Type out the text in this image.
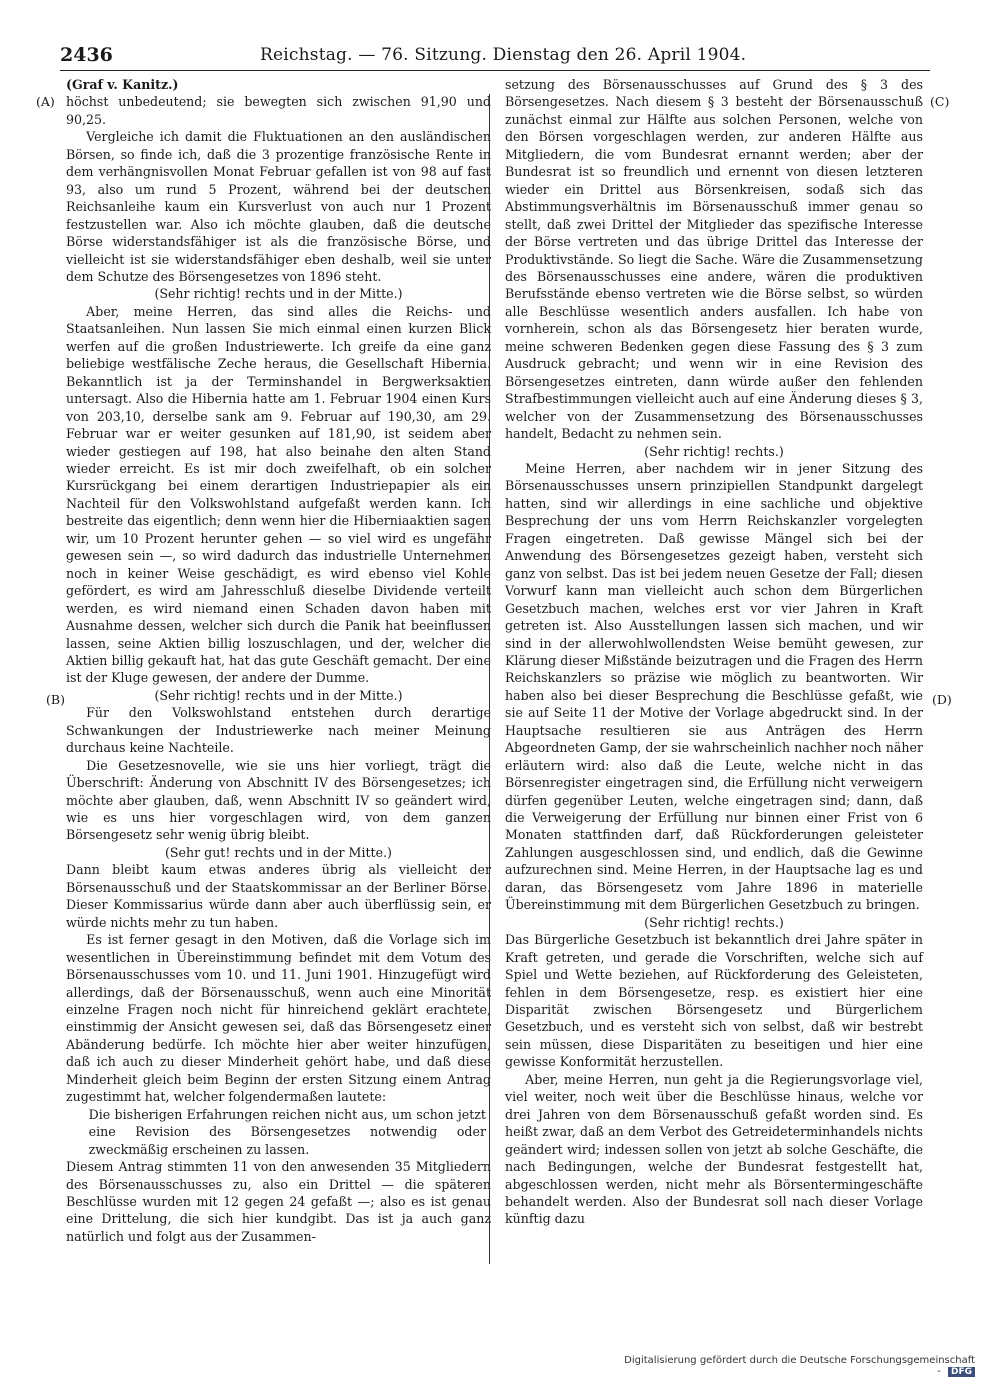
2436	Reichstag. — 76. Sitzung. Dienstag den 26. April 1904.
(A)
(B)
(C)
(D)

(Graf v. Kanitz.)

höchst unbedeutend; sie bewegten sich zwischen 91,90 und 90,25.

Vergleiche ich damit die Fluktuationen an den ausländischen Börsen, so finde ich, daß die 3 prozentige französische Rente in dem verhängnisvollen Monat Februar gefallen ist von 98 auf fast 93, also um rund 5 Prozent, während bei der deutschen Reichsanleihe kaum ein Kursverlust von auch nur 1 Prozent festzustellen war. Also ich möchte glauben, daß die deutsche Börse widerstandsfähiger ist als die französische Börse, und vielleicht ist sie widerstandsfähiger eben deshalb, weil sie unter dem Schutze des Börsengesetzes von 1896 steht.

(Sehr richtig! rechts und in der Mitte.)

Aber, meine Herren, das sind alles die Reichs- und Staatsanleihen. Nun lassen Sie mich einmal einen kurzen Blick werfen auf die großen Industriewerte. Ich greife da eine ganz beliebige westfälische Zeche heraus, die Gesellschaft Hibernia. Bekanntlich ist ja der Terminshandel in Bergwerksaktien untersagt. Also die Hibernia hatte am 1. Februar 1904 einen Kurs von 203,10, derselbe sank am 9. Februar auf 190,30, am 29. Februar war er weiter gesunken auf 181,90, ist seidem aber wieder gestiegen auf 198, hat also beinahe den alten Stand wieder erreicht. Es ist mir doch zweifelhaft, ob ein solcher Kursrückgang bei einem derartigen Industriepapier als ein Nachteil für den Volkswohlstand aufgefaßt werden kann. Ich bestreite das eigentlich; denn wenn hier die Hiberniaaktien sagen wir, um 10 Prozent herunter gehen — so viel wird es ungefähr gewesen sein —, so wird dadurch das industrielle Unternehmen noch in keiner Weise geschädigt, es wird ebenso viel Kohle gefördert, es wird am Jahresschluß dieselbe Dividende verteilt werden, es wird niemand einen Schaden davon haben mit Ausnahme dessen, welcher sich durch die Panik hat beeinflussen lassen, seine Aktien billig loszuschlagen, und der, welcher die Aktien billig gekauft hat, hat das gute Geschäft gemacht. Der eine ist der Kluge gewesen, der andere der Dumme.

(Sehr richtig! rechts und in der Mitte.)

Für den Volkswohlstand entstehen durch derartige Schwankungen der Industriewerke nach meiner Meinung durchaus keine Nachteile.

Die Gesetzesnovelle, wie sie uns hier vorliegt, trägt die Überschrift: Änderung von Abschnitt IV des Börsengesetzes; ich möchte aber glauben, daß, wenn Abschnitt IV so geändert wird, wie es uns hier vorgeschlagen wird, von dem ganzen Börsengesetz sehr wenig übrig bleibt.

(Sehr gut! rechts und in der Mitte.)

Dann bleibt kaum etwas anderes übrig als vielleicht der Börsenausschuß und der Staatskommissar an der Berliner Börse. Dieser Kommissarius würde dann aber auch überflüssig sein, er würde nichts mehr zu tun haben.

Es ist ferner gesagt in den Motiven, daß die Vorlage sich im wesentlichen in Übereinstimmung befindet mit dem Votum des Börsenausschusses vom 10. und 11. Juni 1901. Hinzugefügt wird allerdings, daß der Börsenausschuß, wenn auch eine Minorität einzelne Fragen noch nicht für hinreichend geklärt erachtete, einstimmig der Ansicht gewesen sei, daß das Börsengesetz einer Abänderung bedürfe. Ich möchte hier aber weiter hinzufügen, daß ich auch zu dieser Minderheit gehört habe, und daß diese Minderheit gleich beim Beginn der ersten Sitzung einem Antrag zugestimmt hat, welcher folgendermaßen lautete:

Die bisherigen Erfahrungen reichen nicht aus, um schon jetzt eine Revision des Börsengesetzes notwendig oder zweckmäßig erscheinen zu lassen.

Diesem Antrag stimmten 11 von den anwesenden 35 Mitgliedern des Börsenausschusses zu, also ein Drittel — die späteren Beschlüsse wurden mit 12 gegen 24 gefaßt —; also es ist genau eine Drittelung, die sich hier kundgibt. Das ist ja auch ganz natürlich und folgt aus der Zusammen-

setzung des Börsenausschusses auf Grund des § 3 des Börsengesetzes. Nach diesem § 3 besteht der Börsenausschuß zunächst einmal zur Hälfte aus solchen Personen, welche von den Börsen vorgeschlagen werden, zur anderen Hälfte aus Mitgliedern, die vom Bundesrat ernannt werden; aber der Bundesrat ist so freundlich und ernennt von diesen letzteren wieder ein Drittel aus Börsenkreisen, sodaß sich das Abstimmungsverhältnis im Börsenausschuß immer genau so stellt, daß zwei Drittel der Mitglieder das spezifische Interesse der Börse vertreten und das übrige Drittel das Interesse der Produktivstände. So liegt die Sache. Wäre die Zusammensetzung des Börsenausschusses eine andere, wären die produktiven Berufsstände ebenso vertreten wie die Börse selbst, so würden alle Beschlüsse wesentlich anders ausfallen. Ich habe von vornherein, schon als das Börsengesetz hier beraten wurde, meine schweren Bedenken gegen diese Fassung des § 3 zum Ausdruck gebracht; und wenn wir in eine Revision des Börsengesetzes eintreten, dann würde außer den fehlenden Strafbestimmungen vielleicht auch auf eine Änderung dieses § 3, welcher von der Zusammensetzung des Börsenausschusses handelt, Bedacht zu nehmen sein.

(Sehr richtig! rechts.)

Meine Herren, aber nachdem wir in jener Sitzung des Börsenausschusses unsern prinzipiellen Standpunkt dargelegt hatten, sind wir allerdings in eine sachliche und objektive Besprechung der uns vom Herrn Reichskanzler vorgelegten Fragen eingetreten. Daß gewisse Mängel sich bei der Anwendung des Börsengesetzes gezeigt haben, versteht sich ganz von selbst. Das ist bei jedem neuen Gesetze der Fall; diesen Vorwurf kann man vielleicht auch schon dem Bürgerlichen Gesetzbuch machen, welches erst vor vier Jahren in Kraft getreten ist. Also Ausstellungen lassen sich machen, und wir sind in der allerwohlwollendsten Weise bemüht gewesen, zur Klärung dieser Mißstände beizutragen und die Fragen des Herrn Reichskanzlers so präzise wie möglich zu beantworten. Wir haben also bei dieser Besprechung die Beschlüsse gefaßt, wie sie auf Seite 11 der Motive der Vorlage abgedruckt sind. In der Hauptsache resultieren sie aus Anträgen des Herrn Abgeordneten Gamp, der sie wahrscheinlich nachher noch näher erläutern wird: also daß die Leute, welche nicht in das Börsenregister eingetragen sind, die Erfüllung nicht verweigern dürfen gegenüber Leuten, welche eingetragen sind; dann, daß die Verweigerung der Erfüllung nur binnen einer Frist von 6 Monaten stattfinden darf, daß Rückforderungen geleisteter Zahlungen ausgeschlossen sind, und endlich, daß die Gewinne aufzurechnen sind. Meine Herren, in der Hauptsache lag es und daran, das Börsengesetz vom Jahre 1896 in materielle Übereinstimmung mit dem Bürgerlichen Gesetzbuch zu bringen.

(Sehr richtig! rechts.)

Das Bürgerliche Gesetzbuch ist bekanntlich drei Jahre später in Kraft getreten, und gerade die Vorschriften, welche sich auf Spiel und Wette beziehen, auf Rückforderung des Geleisteten, fehlen in dem Börsengesetze, resp. es existiert hier eine Disparität zwischen Börsengesetz und Bürgerlichem Gesetzbuch, und es versteht sich von selbst, daß wir bestrebt sein müssen, diese Disparitäten zu beseitigen und hier eine gewisse Konformität herzustellen.

Aber, meine Herren, nun geht ja die Regierungsvorlage viel, viel weiter, noch weit über die Beschlüsse hinaus, welche vor drei Jahren von dem Börsenausschuß gefaßt worden sind. Es heißt zwar, daß an dem Verbot des Getreideterminhandels nichts geändert wird; indessen sollen von jetzt ab solche Geschäfte, die nach Bedingungen, welche der Bundesrat festgestellt hat, abgeschlossen werden, nicht mehr als Börsentermingeschäfte behandelt werden. Also der Bundesrat soll nach dieser Vorlage künftig dazu

Digitalisierung gefördert durch die Deutsche Forschungsgemeinschaft - DFG
